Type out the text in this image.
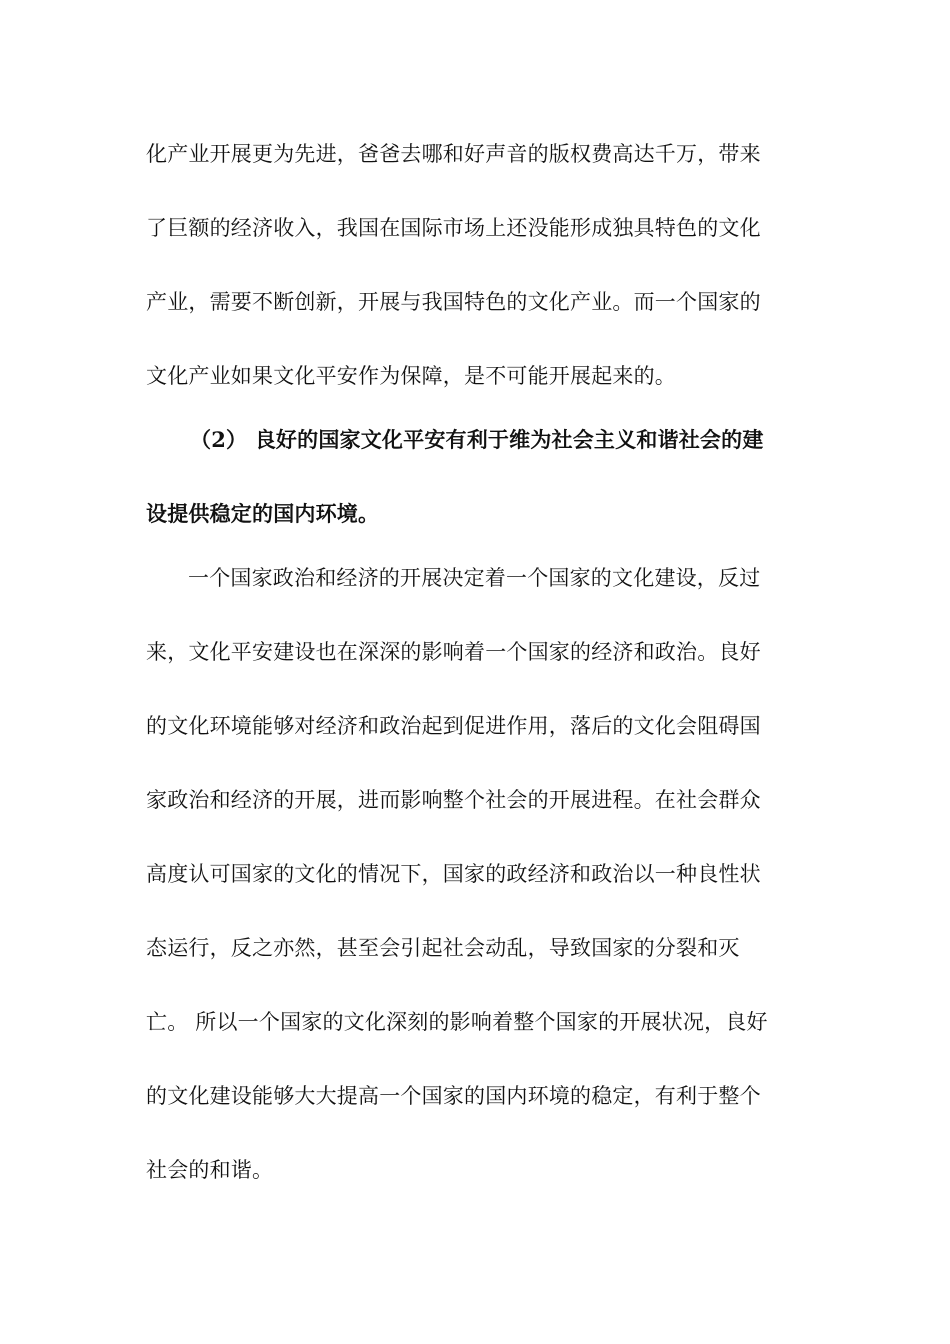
化产业开展更为先进，爸爸去哪和好声音的版权费高达千万，带来
了巨额的经济收入，我国在国际市场上还没能形成独具特色的文化
产业，需要不断创新，开展与我国特色的文化产业。而一个国家的
文化产业如果文化平安作为保障，是不可能开展起来的。
（2） 良好的国家文化平安有利于维为社会主义和谐社会的建
设提供稳定的国内环境。
一个国家政治和经济的开展决定着一个国家的文化建设，反过
来，文化平安建设也在深深的影响着一个国家的经济和政治。良好
的文化环境能够对经济和政治起到促进作用，落后的文化会阻碍国
家政治和经济的开展，进而影响整个社会的开展进程。在社会群众
高度认可国家的文化的情况下，国家的政经济和政治以一种良性状
态运行，反之亦然，甚至会引起社会动乱，导致国家的分裂和灭
亡。 所以一个国家的文化深刻的影响着整个国家的开展状况，良好
的文化建设能够大大提高一个国家的国内环境的稳定，有利于整个
社会的和谐。
